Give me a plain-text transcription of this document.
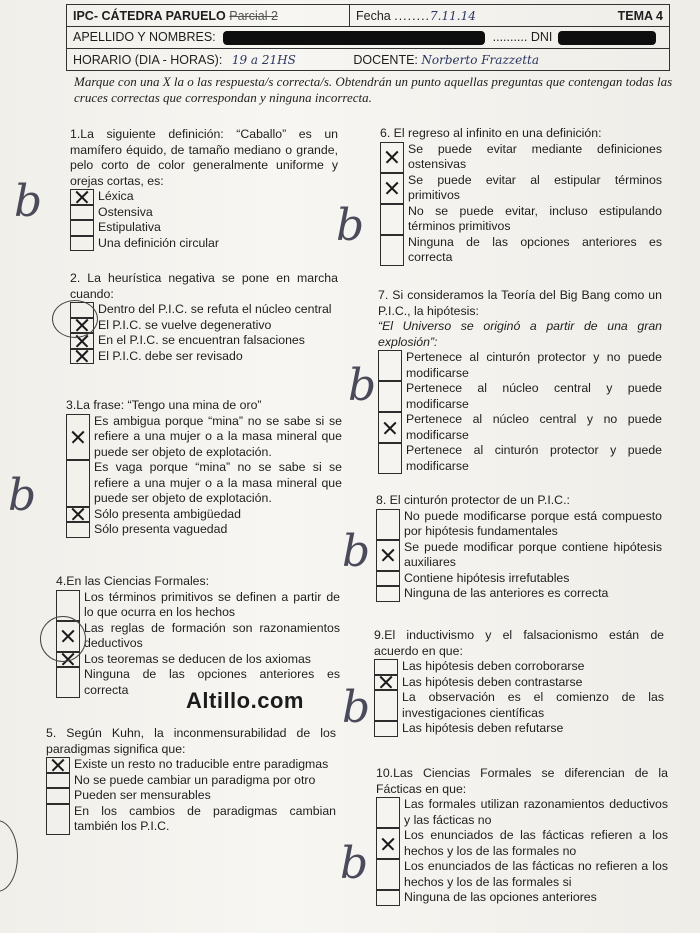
IPC- CÁTEDRA PARUELO Parcial 2	Fecha ........7.11.14	TEMA 4
APELLIDO Y NOMBRES:	.......... DNI
HORARIO (DIA - HORAS): 19 a 21HS	DOCENTE: Norberto Frazzetta
Marque con una X la o las respuesta/s correcta/s. Obtendrán un punto aquellas preguntas que contengan todas las cruces correctas que correspondan y ninguna incorrecta.
1.La siguiente definición: “Caballo” es un mamífero équido, de tamaño mediano o grande, pelo corto de color generalmente uniforme y orejas cortas, es:
Léxica
Ostensiva
Estipulativa
Una definición circular
2. La heurística negativa se pone en marcha cuando:
Dentro del P.I.C. se refuta el núcleo central
El P.I.C. se vuelve degenerativo
En el P.I.C. se encuentran falsaciones
El P.I.C. debe ser revisado
3.La frase: “Tengo una mina de oro”
Es ambigua porque “mina” no se sabe si se refiere a una mujer o a la masa mineral que puede ser objeto de explotación.
Es vaga porque “mina” no se sabe si se refiere a una mujer o a la masa mineral que puede ser objeto de explotación.
Sólo presenta ambigüedad
Sólo presenta vaguedad
4.En las Ciencias Formales:
Los términos primitivos se definen a partir de lo que ocurra en los hechos
Las reglas de formación son razonamientos deductivos
Los teoremas se deducen de los axiomas
Ninguna de las opciones anteriores es correcta
5. Según Kuhn, la inconmensurabilidad de los paradigmas significa que:
Existe un resto no traducible entre paradigmas
No se puede cambiar un paradigma por otro
Pueden ser mensurables
En los cambios de paradigmas cambian también los P.I.C.
6. El regreso al infinito en una definición:
Se puede evitar mediante definiciones ostensivas
Se puede evitar al estipular términos primitivos
No se puede evitar, incluso estipulando términos primitivos
Ninguna de las opciones anteriores es correcta
7. Si consideramos la Teoría del Big Bang como un P.I.C., la hipótesis:
“El Universo se originó a partir de una gran explosión”:
Pertenece al cinturón protector y no puede modificarse
Pertenece al núcleo central y puede modificarse
Pertenece al núcleo central y no puede modificarse
Pertenece al cinturón protector y puede modificarse
8. El cinturón protector de un P.I.C.:
No puede modificarse porque está compuesto por hipótesis fundamentales
Se puede modificar porque contiene hipótesis auxiliares
Contiene hipótesis irrefutables
Ninguna de las anteriores es correcta
9.El inductivismo y el falsacionismo están de acuerdo en que:
Las hipótesis deben corroborarse
Las hipótesis deben contrastarse
La observación es el comienzo de las investigaciones científicas
Las hipótesis deben refutarse
10.Las Ciencias Formales se diferencian de la Fácticas en que:
Las formales utilizan razonamientos deductivos y las fácticas no
Los enunciados de las fácticas refieren a los hechos y los de las formales no
Los enunciados de las fácticas no refieren a los hechos y los de las formales si
Ninguna de las opciones anteriores
Altillo.com
b
b
b
b
b
b
b
